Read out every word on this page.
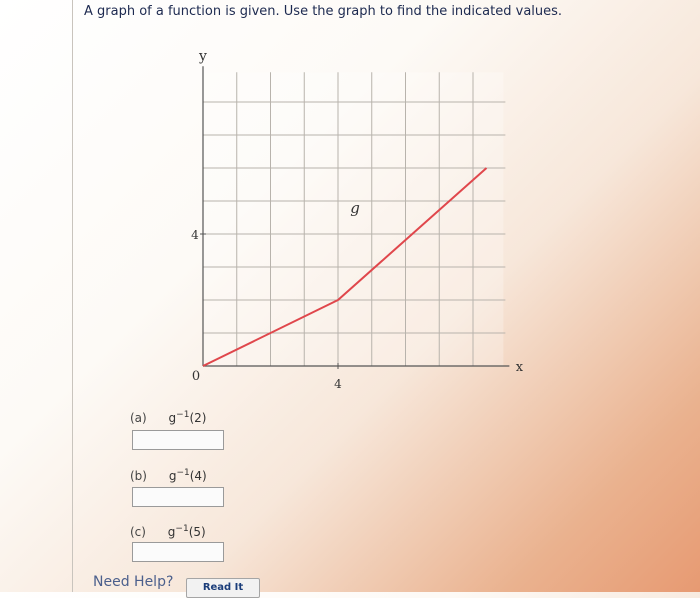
A graph of a function is given. Use the graph to find the indicated values.
y
x
0	4
4
g
(a) $g^{-1}(2)$
(b) $g^{-1}(4)$
(c) $g^{-1}(5)$
Need Help?	Read It
